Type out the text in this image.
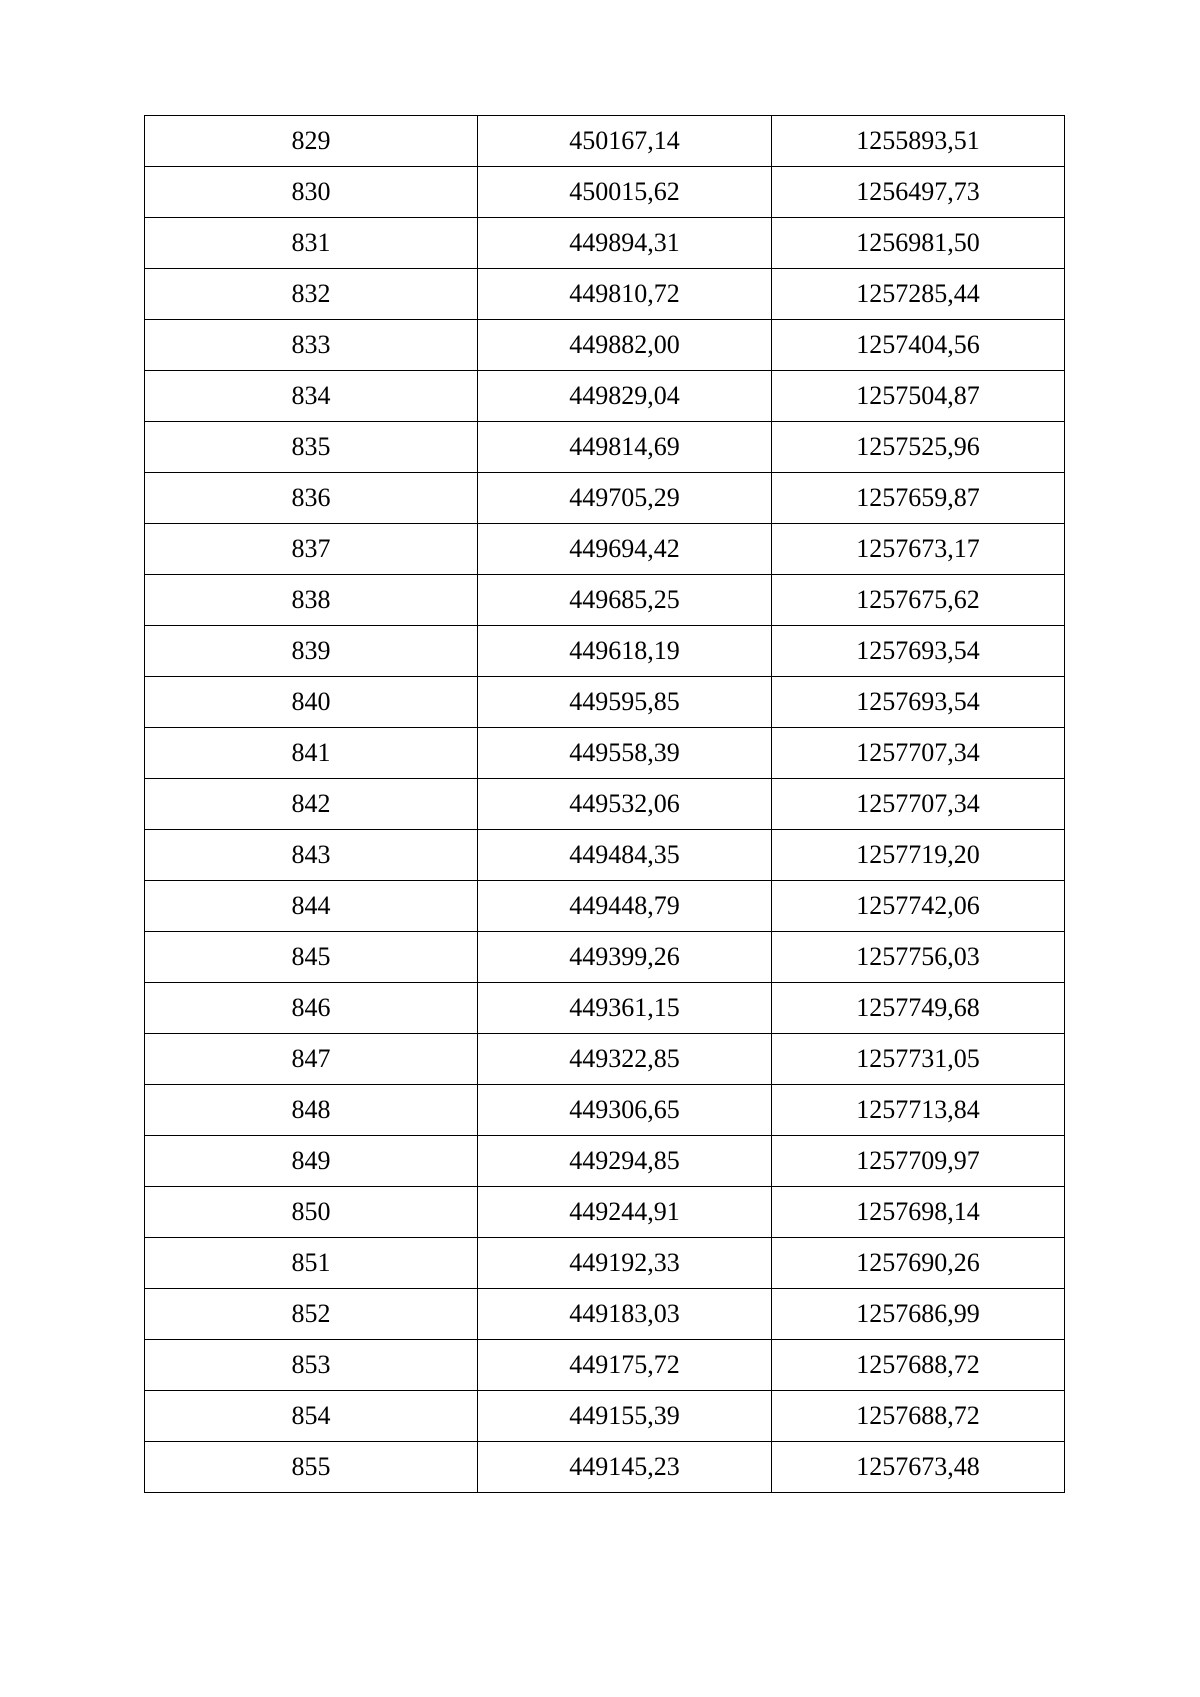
829	450167,14	1255893,51
830	450015,62	1256497,73
831	449894,31	1256981,50
832	449810,72	1257285,44
833	449882,00	1257404,56
834	449829,04	1257504,87
835	449814,69	1257525,96
836	449705,29	1257659,87
837	449694,42	1257673,17
838	449685,25	1257675,62
839	449618,19	1257693,54
840	449595,85	1257693,54
841	449558,39	1257707,34
842	449532,06	1257707,34
843	449484,35	1257719,20
844	449448,79	1257742,06
845	449399,26	1257756,03
846	449361,15	1257749,68
847	449322,85	1257731,05
848	449306,65	1257713,84
849	449294,85	1257709,97
850	449244,91	1257698,14
851	449192,33	1257690,26
852	449183,03	1257686,99
853	449175,72	1257688,72
854	449155,39	1257688,72
855	449145,23	1257673,48
